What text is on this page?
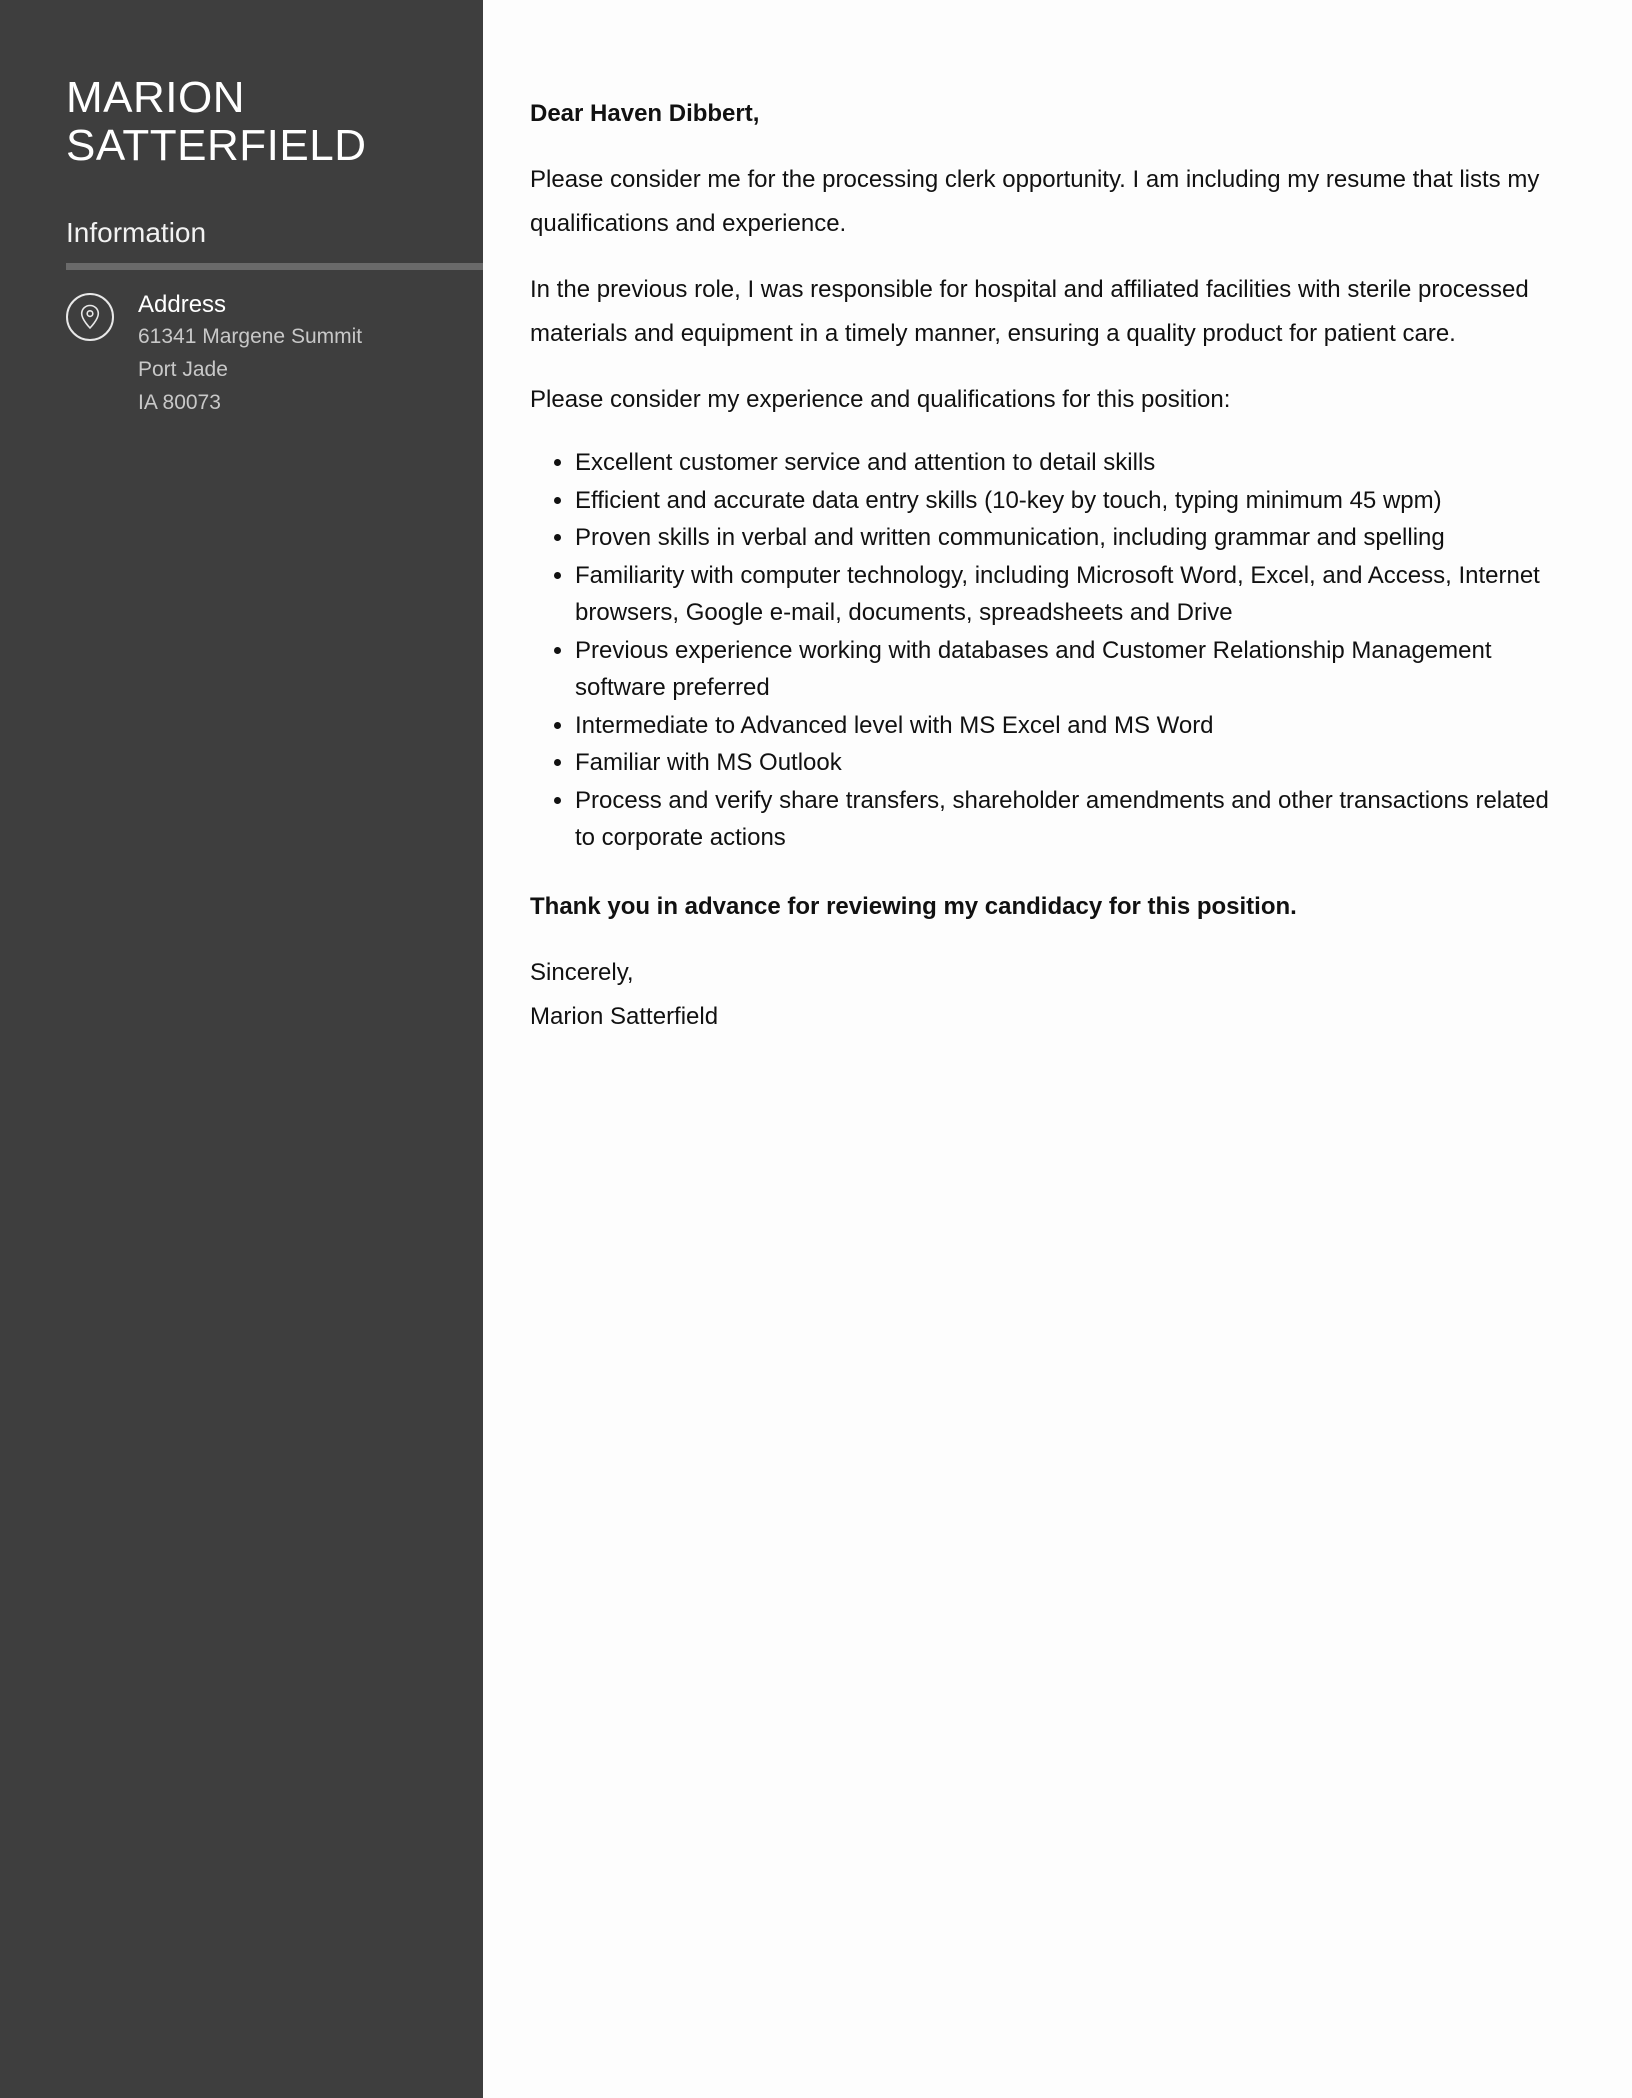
MARION
SATTERFIELD
Information
Address
61341 Margene Summit
Port Jade
IA 80073

Dear Haven Dibbert,

Please consider me for the processing clerk opportunity. I am including my resume that lists my qualifications and experience.

In the previous role, I was responsible for hospital and affiliated facilities with sterile processed materials and equipment in a timely manner, ensuring a quality product for patient care.

Please consider my experience and qualifications for this position:

• Excellent customer service and attention to detail skills
• Efficient and accurate data entry skills (10-key by touch, typing minimum 45 wpm)
• Proven skills in verbal and written communication, including grammar and spelling
• Familiarity with computer technology, including Microsoft Word, Excel, and Access, Internet browsers, Google e-mail, documents, spreadsheets and Drive
• Previous experience working with databases and Customer Relationship Management software preferred
• Intermediate to Advanced level with MS Excel and MS Word
• Familiar with MS Outlook
• Process and verify share transfers, shareholder amendments and other transactions related to corporate actions

Thank you in advance for reviewing my candidacy for this position.

Sincerely,
Marion Satterfield
